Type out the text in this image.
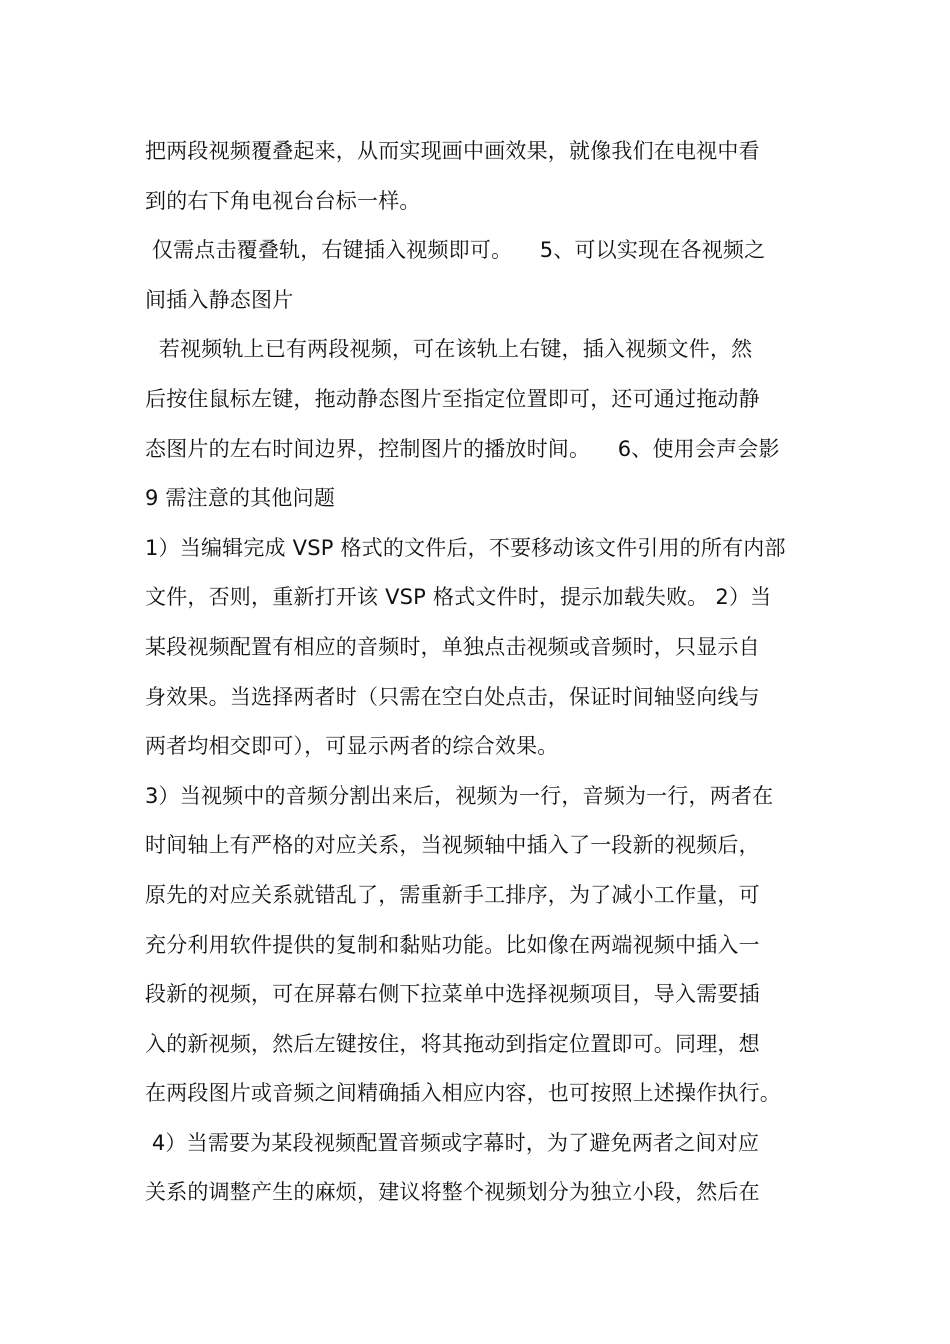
把两段视频覆叠起来，从而实现画中画效果，就像我们在电视中看
到的右下角电视台台标一样。
仅需点击覆叠轨，右键插入视频即可。    5、可以实现在各视频之
间插入静态图片
若视频轨上已有两段视频，可在该轨上右键，插入视频文件，然
后按住鼠标左键，拖动静态图片至指定位置即可，还可通过拖动静
态图片的左右时间边界，控制图片的播放时间。    6、使用会声会影
9 需注意的其他问题
1）当编辑完成 VSP 格式的文件后，不要移动该文件引用的所有内部
文件，否则，重新打开该 VSP 格式文件时，提示加载失败。 2）当
某段视频配置有相应的音频时，单独点击视频或音频时，只显示自
身效果。当选择两者时（只需在空白处点击，保证时间轴竖向线与
两者均相交即可），可显示两者的综合效果。
3）当视频中的音频分割出来后，视频为一行，音频为一行，两者在
时间轴上有严格的对应关系，当视频轴中插入了一段新的视频后，
原先的对应关系就错乱了，需重新手工排序，为了减小工作量，可
充分利用软件提供的复制和黏贴功能。比如像在两端视频中插入一
段新的视频，可在屏幕右侧下拉菜单中选择视频项目，导入需要插
入的新视频，然后左键按住，将其拖动到指定位置即可。同理，想
在两段图片或音频之间精确插入相应内容，也可按照上述操作执行。
4）当需要为某段视频配置音频或字幕时，为了避免两者之间对应
关系的调整产生的麻烦，建议将整个视频划分为独立小段，然后在
